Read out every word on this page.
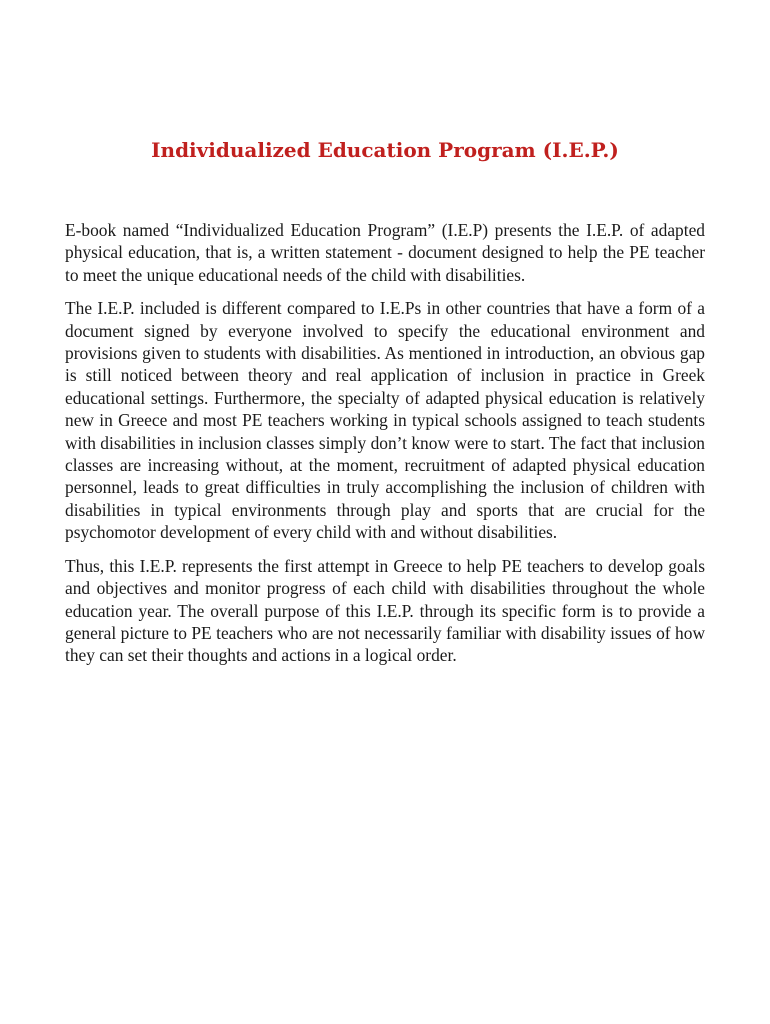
Individualized Education Program (I.E.P.)

E-book named “Individualized Education Program” (I.E.P) presents the I.E.P. of adapted physical education, that is, a written statement - document designed to help the PE teacher to meet the unique educational needs of the child with disabilities.

The I.E.P. included is different compared to I.E.Ps in other countries that have a form of a document signed by everyone involved to specify the educational environment and provisions given to students with disabilities. As mentioned in introduction, an obvious gap is still noticed between theory and real application of inclusion in practice in Greek educational settings. Furthermore, the specialty of adapted physical education is relatively new in Greece and most PE teachers working in typical schools assigned to teach students with disabilities in inclusion classes simply don’t know were to start. The fact that inclusion classes are increasing without, at the moment, recruitment of adapted physical education personnel, leads to great difficulties in truly accomplishing the inclusion of children with disabilities in typical environments through play and sports that are crucial for the psychomotor development of every child with and without disabilities.

Thus, this I.E.P. represents the first attempt in Greece to help PE teachers to develop goals and objectives and monitor progress of each child with disabilities throughout the whole education year. The overall purpose of this I.E.P. through its specific form is to provide a general picture to PE teachers who are not necessarily familiar with disability issues of how they can set their thoughts and actions in a logical order.
